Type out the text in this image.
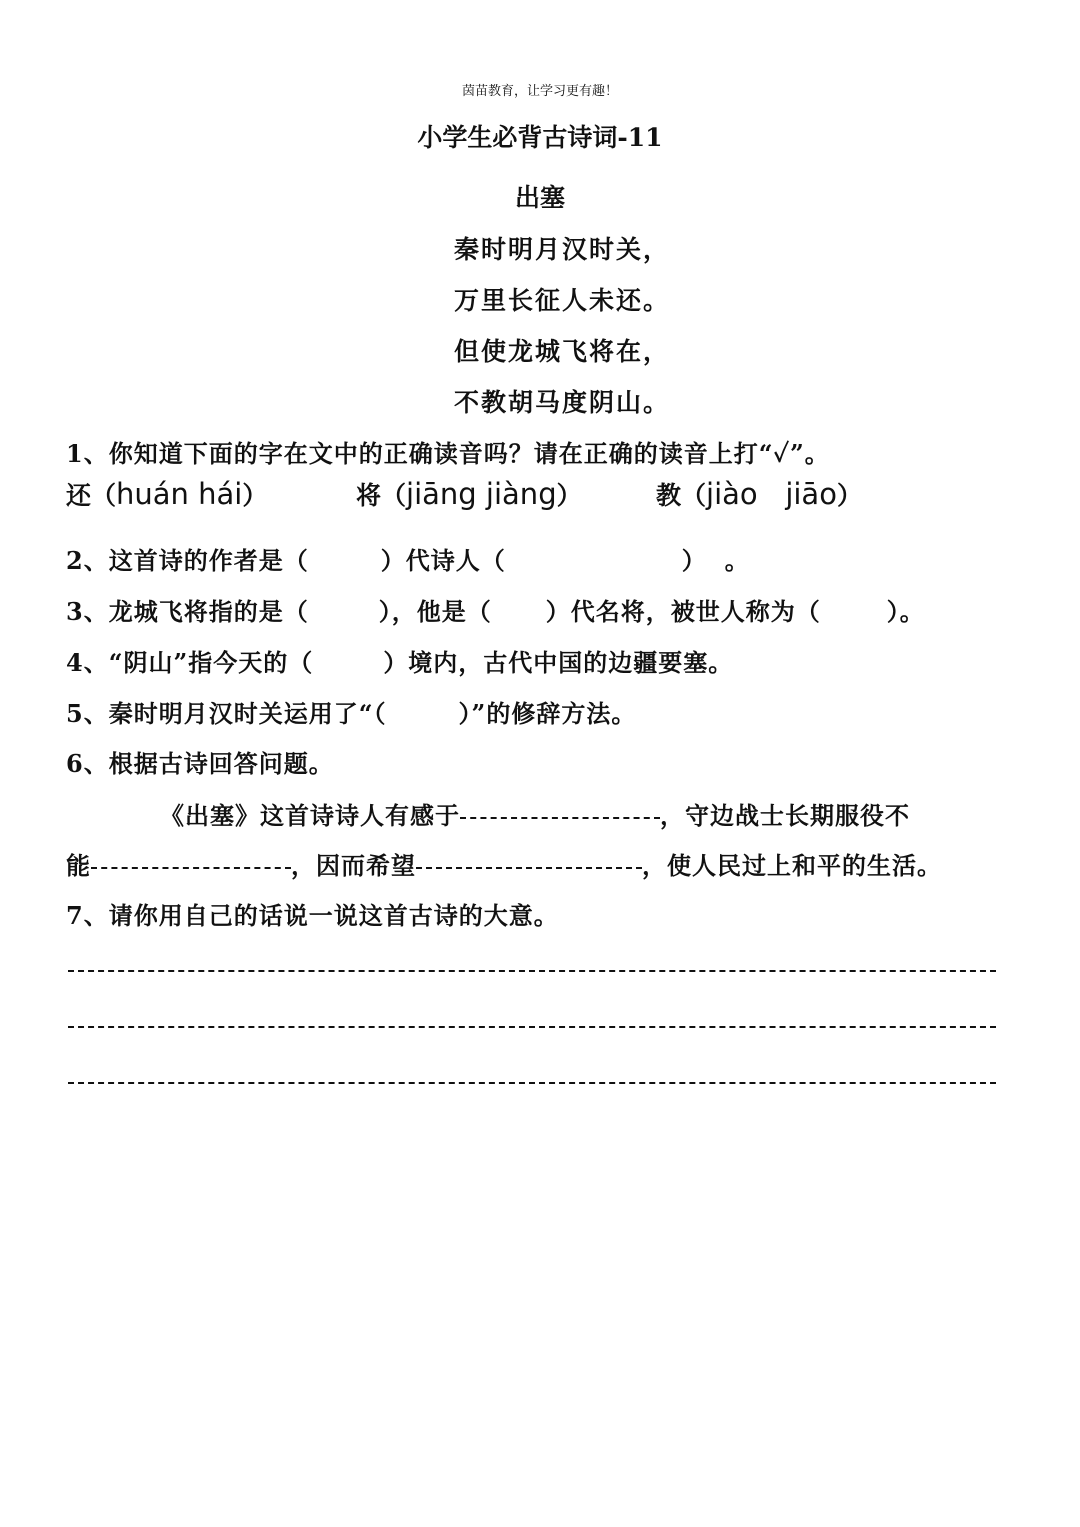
茵苗教育，让学习更有趣！
小学生必背古诗词-11
出塞
秦时明月汉时关，
万里长征人未还。
但使龙城飞将在，
不教胡马度阴山。
1、你知道下面的字在文中的正确读音吗？请在正确的读音上打“✓”。
还（huán hái）	将（jiāng jiàng）	教（jiào   jiāo）
2、这首诗的作者是（	）代诗人（	） 。
3、龙城飞将指的是（	），他是（ ）代名将，被世人称为（	）。
4、“阴山”指今天的（	）境内，古代中国的边疆要塞。
5、秦时明月汉时关运用了“（	）”的修辞方法。
6、根据古诗回答问题。
《出塞》这首诗诗人有感于	，守边战士长期服役不
能	，因而希望	，使人民过上和平的生活。
7、请你用自己的话说一说这首古诗的大意。
